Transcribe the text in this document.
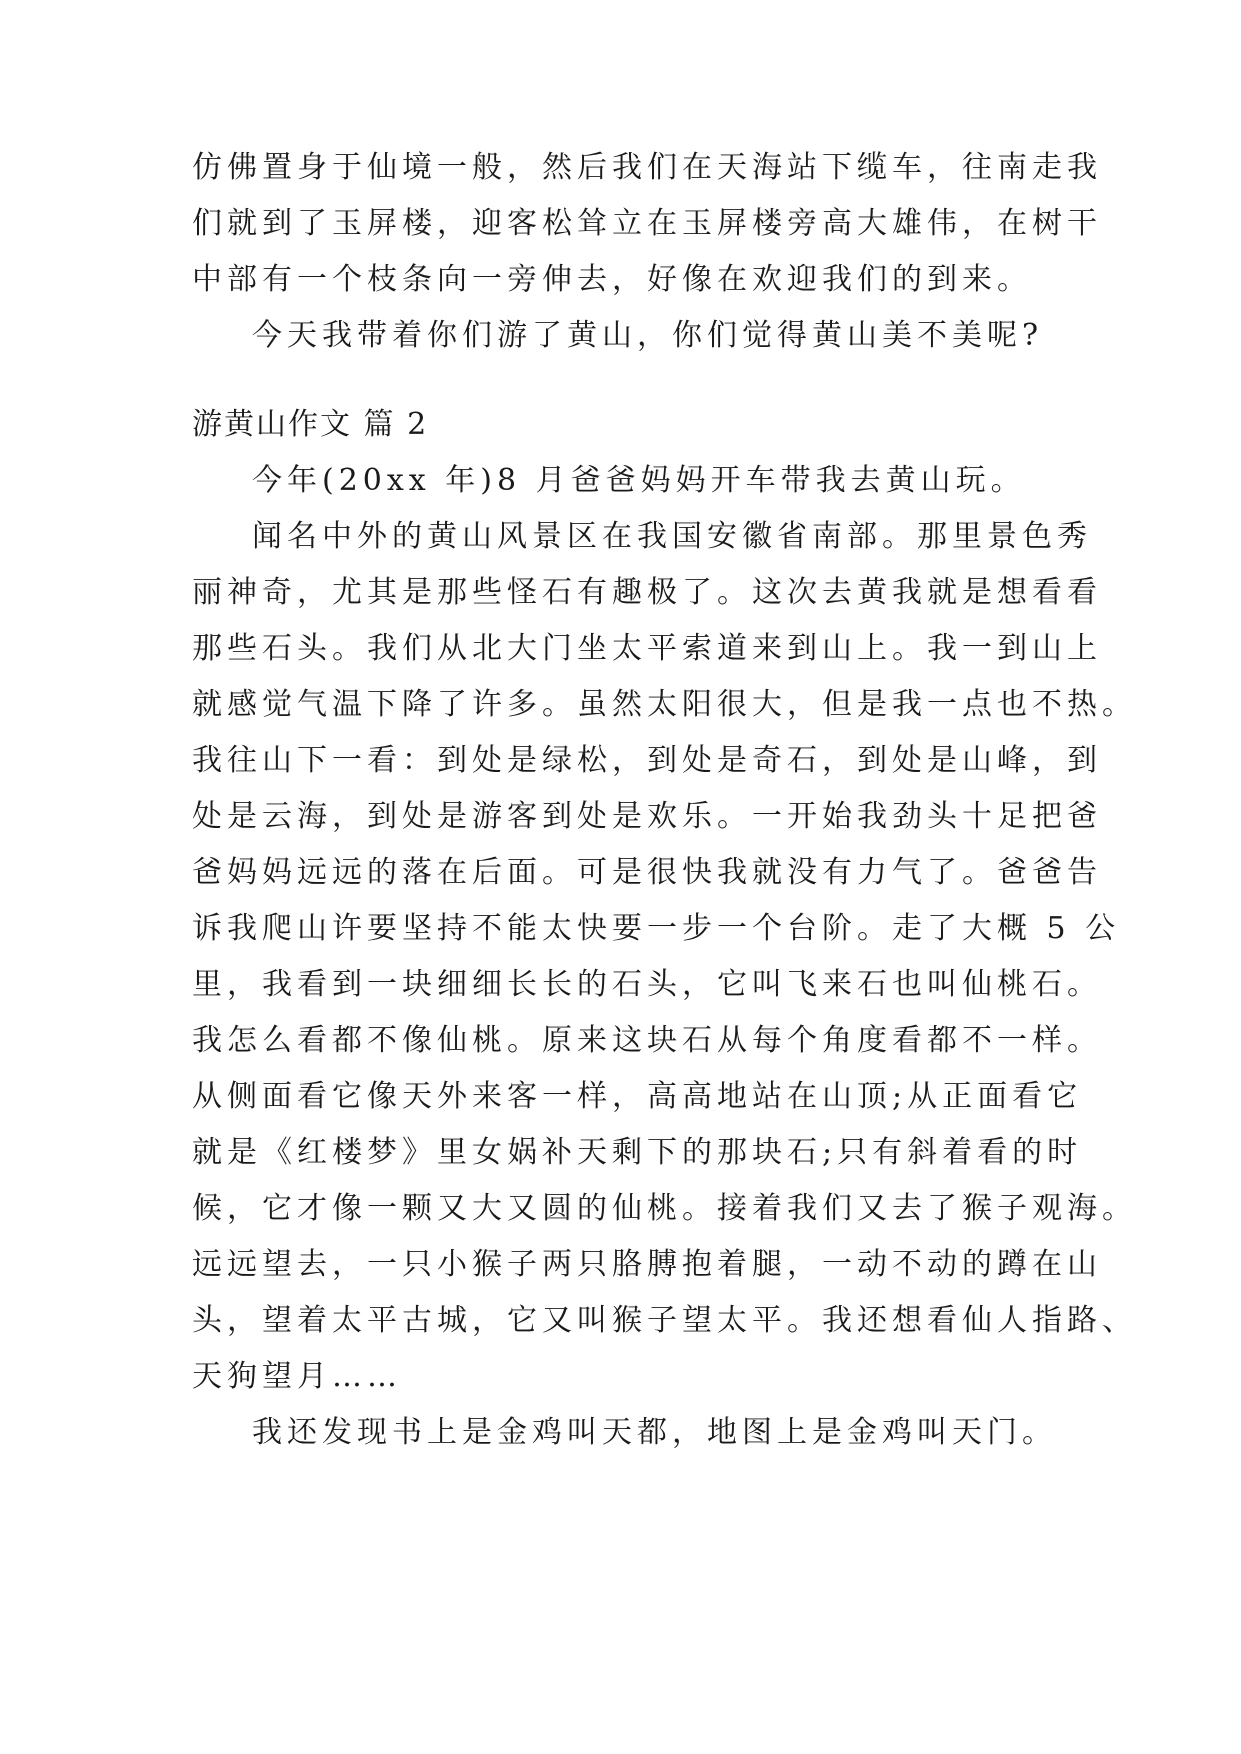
仿佛置身于仙境一般，然后我们在天海站下缆车，往南走我
们就到了玉屏楼，迎客松耸立在玉屏楼旁高大雄伟，在树干
中部有一个枝条向一旁伸去，好像在欢迎我们的到来。
今天我带着你们游了黄山，你们觉得黄山美不美呢?
游黄山作文 篇 2
今年(20xx 年)8 月爸爸妈妈开车带我去黄山玩。
闻名中外的黄山风景区在我国安徽省南部。那里景色秀
丽神奇，尤其是那些怪石有趣极了。这次去黄我就是想看看
那些石头。我们从北大门坐太平索道来到山上。我一到山上
就感觉气温下降了许多。虽然太阳很大，但是我一点也不热。
我往山下一看：到处是绿松，到处是奇石，到处是山峰，到
处是云海，到处是游客到处是欢乐。一开始我劲头十足把爸
爸妈妈远远的落在后面。可是很快我就没有力气了。爸爸告
诉我爬山许要坚持不能太快要一步一个台阶。走了大概 5 公
里，我看到一块细细长长的石头，它叫飞来石也叫仙桃石。
我怎么看都不像仙桃。原来这块石从每个角度看都不一样。
从侧面看它像天外来客一样，高高地站在山顶;从正面看它
就是《红楼梦》里女娲补天剩下的那块石;只有斜着看的时
候，它才像一颗又大又圆的仙桃。接着我们又去了猴子观海。
远远望去，一只小猴子两只胳膊抱着腿，一动不动的蹲在山
头，望着太平古城，它又叫猴子望太平。我还想看仙人指路、
天狗望月……
我还发现书上是金鸡叫天都，地图上是金鸡叫天门。
